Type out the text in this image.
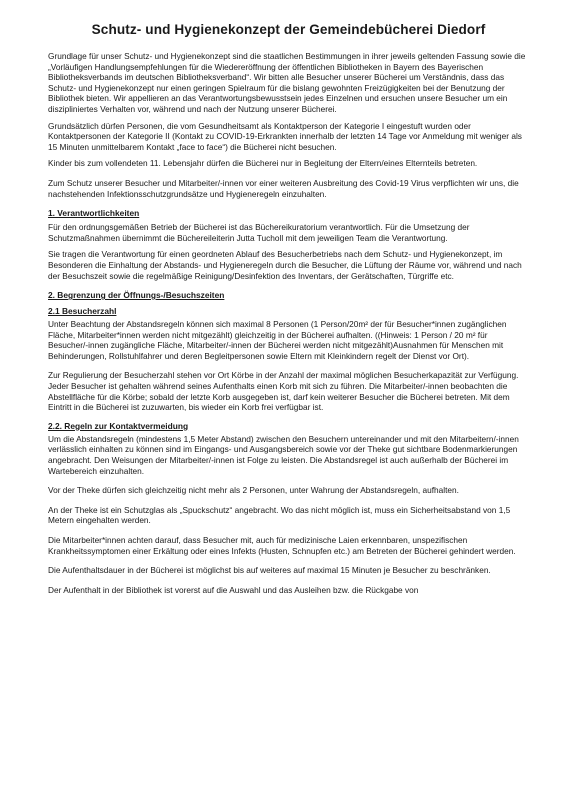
Schutz- und Hygienekonzept der Gemeindebücherei Diedorf

Grundlage für unser Schutz- und Hygienekonzept sind die staatlichen Bestimmungen in ihrer jeweils geltenden Fassung sowie die „Vorläufigen Handlungsempfehlungen für die Wiedereröffnung der öffentlichen Bibliotheken in Bayern des Bayerischen Bibliotheksverbands im deutschen Bibliotheksverband“. Wir bitten alle Besucher unserer Bücherei um Verständnis, dass das Schutz- und Hygienekonzept nur einen geringen Spielraum für die bislang gewohnten Freizügigkeiten bei der Benutzung der Bibliothek bieten. Wir appellieren an das Verantwortungsbewusstsein jedes Einzelnen und ersuchen unsere Besucher um ein diszipliniertes Verhalten vor, während und nach der Nutzung unserer Bücherei.

Grundsätzlich dürfen Personen, die vom Gesundheitsamt als Kontaktperson der Kategorie I eingestuft wurden oder Kontaktpersonen der Kategorie II (Kontakt zu COVID-19-Erkrankten innerhalb der letzten 14 Tage vor Anmeldung mit weniger als 15 Minuten unmittelbarem Kontakt „face to face“) die Bücherei nicht besuchen.

Kinder bis zum vollendeten 11. Lebensjahr dürfen die Bücherei nur in Begleitung der Eltern/eines Elternteils betreten.

Zum Schutz unserer Besucher und Mitarbeiter/-innen vor einer weiteren Ausbreitung des Covid-19 Virus verpflichten wir uns, die nachstehenden Infektionsschutzgrundsätze und Hygieneregeln einzuhalten.

1. Verantwortlichkeiten

Für den ordnungsgemäßen Betrieb der Bücherei ist das Büchereikuratorium verantwortlich. Für die Umsetzung der Schutzmaßnahmen übernimmt die Büchereileiterin Jutta Tucholl mit dem jeweiligen Team die Verantwortung.

Sie tragen die Verantwortung für einen geordneten Ablauf des Besucherbetriebs nach dem Schutz- und Hygienekonzept, im Besonderen die Einhaltung der Abstands- und Hygieneregeln durch die Besucher, die Lüftung der Räume vor, während und nach der Besuchszeit sowie die regelmäßige Reinigung/Desinfektion des Inventars, der Gerätschaften, Türgriffe etc.

2. Begrenzung der Öffnungs-/Besuchszeiten
2.1 Besucherzahl

Unter Beachtung der Abstandsregeln können sich maximal 8 Personen (1 Person/20m² der für Besucher*innen zugänglichen Fläche, Mitarbeiter*innen werden nicht mitgezählt) gleichzeitig in der Bücherei aufhalten. ((Hinweis: 1 Person / 20 m² für Besucher/-innen zugängliche Fläche, Mitarbeiter/-innen der Bücherei werden nicht mitgezählt)Ausnahmen für Menschen mit Behinderungen, Rollstuhlfahrer und deren Begleitpersonen sowie Eltern mit Kleinkindern regelt der Dienst vor Ort).

Zur Regulierung der Besucherzahl stehen vor Ort Körbe in der Anzahl der maximal möglichen Besucherkapazität zur Verfügung. Jeder Besucher ist gehalten während seines Aufenthalts einen Korb mit sich zu führen. Die Mitarbeiter/-innen beobachten die Abstellfläche für die Körbe; sobald der letzte Korb ausgegeben ist, darf kein weiterer Besucher die Bücherei betreten. Mit dem Eintritt in die Bücherei ist zuzuwarten, bis wieder ein Korb frei verfügbar ist.

2.2. Regeln zur Kontaktvermeidung

Um die Abstandsregeln (mindestens 1,5 Meter Abstand) zwischen den Besuchern untereinander und mit den Mitarbeitern/-innen verlässlich einhalten zu können sind im Eingangs- und Ausgangsbereich sowie vor der Theke gut sichtbare Bodenmarkierungen angebracht. Den Weisungen der Mitarbeiter/-innen ist Folge zu leisten. Die Abstandsregel ist auch außerhalb der Bücherei im Wartebereich einzuhalten.

Vor der Theke dürfen sich gleichzeitig nicht mehr als 2 Personen, unter Wahrung der Abstandsregeln, aufhalten.

An der Theke ist ein Schutzglas als „Spuckschutz“ angebracht. Wo das nicht möglich ist, muss ein Sicherheitsabstand von 1,5 Metern eingehalten werden.

Die Mitarbeiter*innen achten darauf, dass Besucher mit, auch für medizinische Laien erkennbaren, unspezifischen Krankheitssymptomen einer Erkältung oder eines Infekts (Husten, Schnupfen etc.) am Betreten der Bücherei gehindert werden.

Die Aufenthaltsdauer in der Bücherei ist möglichst bis auf weiteres auf maximal 15 Minuten je Besucher zu beschränken.

Der Aufenthalt in der Bibliothek ist vorerst auf die Auswahl und das Ausleihen bzw. die Rückgabe von
